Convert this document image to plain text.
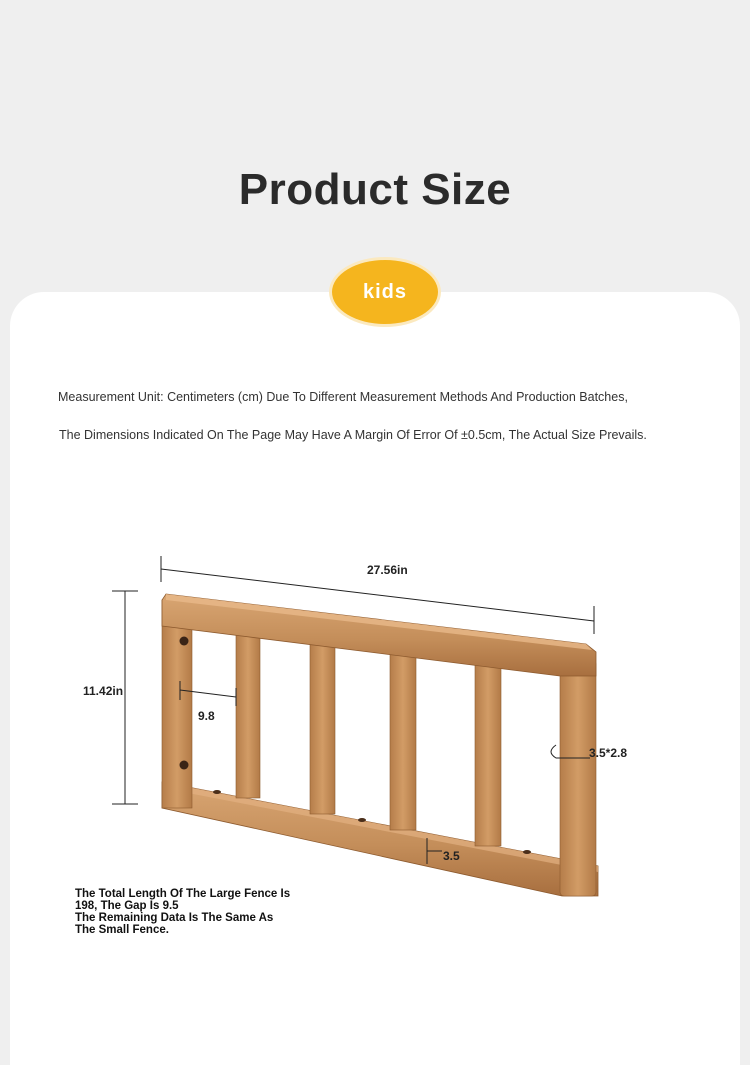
Product Size
kids
Measurement Unit: Centimeters (cm) Due To Different Measurement Methods And Production Batches,
The Dimensions Indicated On The Page May Have A Margin Of Error Of ±0.5cm, The Actual Size Prevails.
27.56in
11.42in
9.8
3.5*2.8
3.5
The Total Length Of The Large Fence Is
198, The Gap Is 9.5
The Remaining Data Is The Same As
The Small Fence.
